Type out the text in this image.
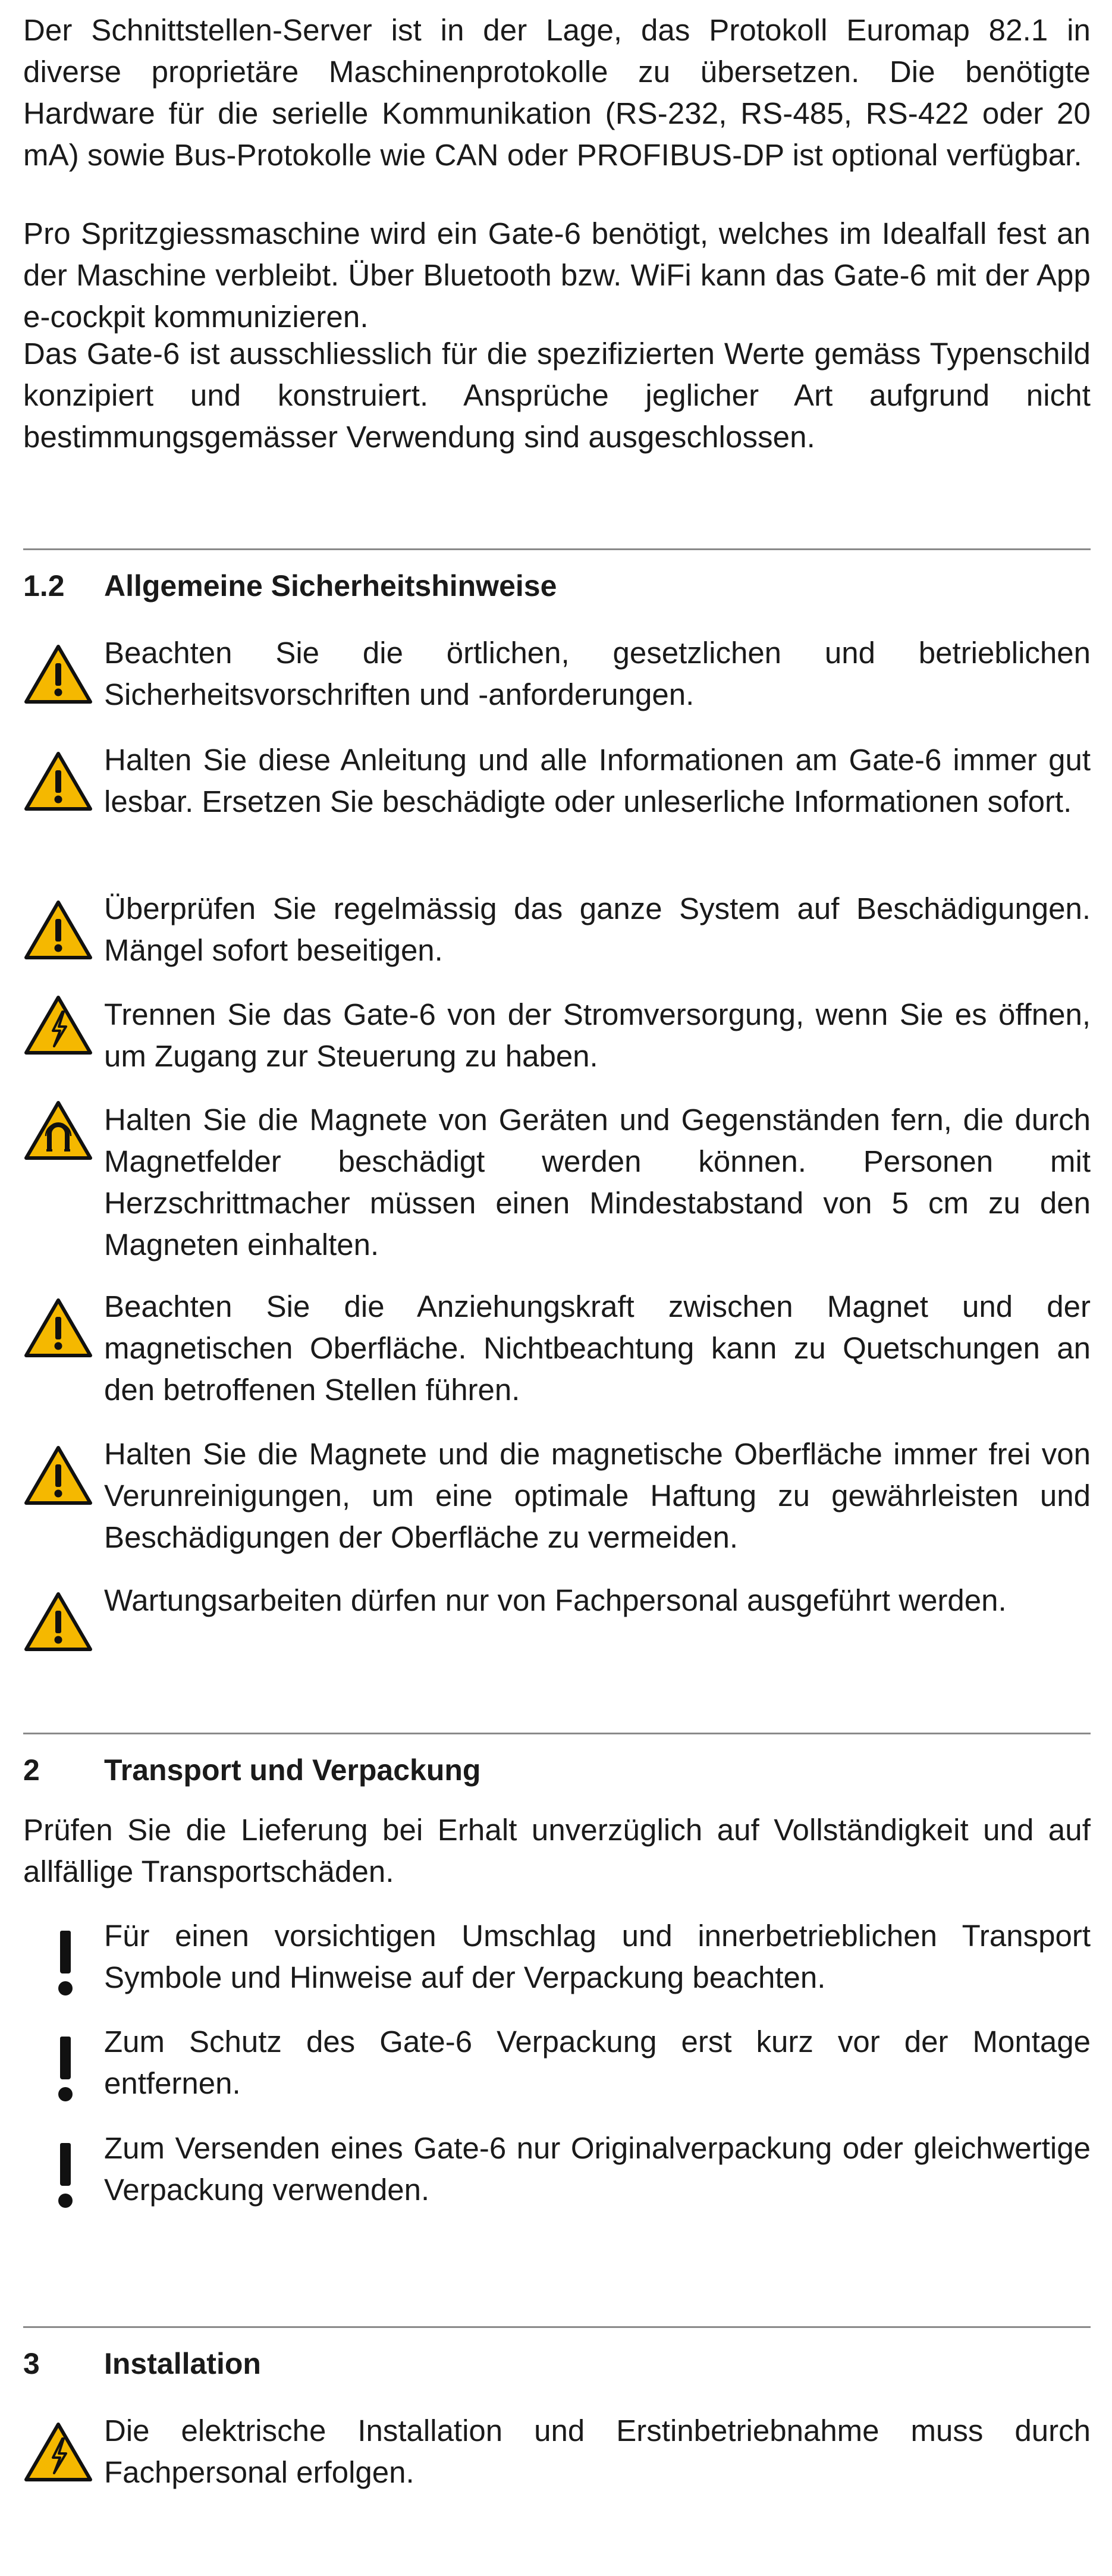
Der Schnittstellen-Server ist in der Lage, das Protokoll Euromap 82.1 in diverse proprietäre Maschinenprotokolle zu übersetzen. Die benötigte Hardware für die serielle Kommunikation (RS-232, RS-485, RS-422 oder 20 mA) sowie Bus-Protokolle wie CAN oder PROFIBUS-DP ist optional verfügbar.

Pro Spritzgiessmaschine wird ein Gate-6 benötigt, welches im Idealfall fest an der Maschine verbleibt. Über Bluetooth bzw. WiFi kann das Gate-6 mit der App e-cockpit kommunizieren.

Das Gate-6 ist ausschliesslich für die spezifizierten Werte gemäss Typenschild konzipiert und konstruiert. Ansprüche jeglicher Art aufgrund nicht bestimmungsgemässer Verwendung sind ausgeschlossen.

1.2 Allgemeine Sicherheitshinweise

Beachten Sie die örtlichen, gesetzlichen und betrieblichen Sicherheitsvorschriften und -anforderungen.

Halten Sie diese Anleitung und alle Informationen am Gate-6 immer gut lesbar. Ersetzen Sie beschädigte oder unleserliche Informationen sofort.

Überprüfen Sie regelmässig das ganze System auf Beschädigungen. Mängel sofort beseitigen.

Trennen Sie das Gate-6 von der Stromversorgung, wenn Sie es öffnen, um Zugang zur Steuerung zu haben.

Halten Sie die Magnete von Geräten und Gegenständen fern, die durch Magnetfelder beschädigt werden können. Personen mit Herzschrittmacher müssen einen Mindestabstand von 5 cm zu den Magneten einhalten.

Beachten Sie die Anziehungskraft zwischen Magnet und der magnetischen Oberfläche. Nichtbeachtung kann zu Quetschungen an den betroffenen Stellen führen.

Halten Sie die Magnete und die magnetische Oberfläche immer frei von Verunreinigungen, um eine optimale Haftung zu gewährleisten und Beschädigungen der Oberfläche zu vermeiden.

Wartungsarbeiten dürfen nur von Fachpersonal ausgeführt werden.

2 Transport und Verpackung

Prüfen Sie die Lieferung bei Erhalt unverzüglich auf Vollständigkeit und auf allfällige Transportschäden.

Für einen vorsichtigen Umschlag und innerbetrieblichen Transport Symbole und Hinweise auf der Verpackung beachten.

Zum Schutz des Gate-6 Verpackung erst kurz vor der Montage entfernen.

Zum Versenden eines Gate-6 nur Originalverpackung oder gleichwertige Verpackung verwenden.

3 Installation

Die elektrische Installation und Erstinbetriebnahme muss durch Fachpersonal erfolgen.
